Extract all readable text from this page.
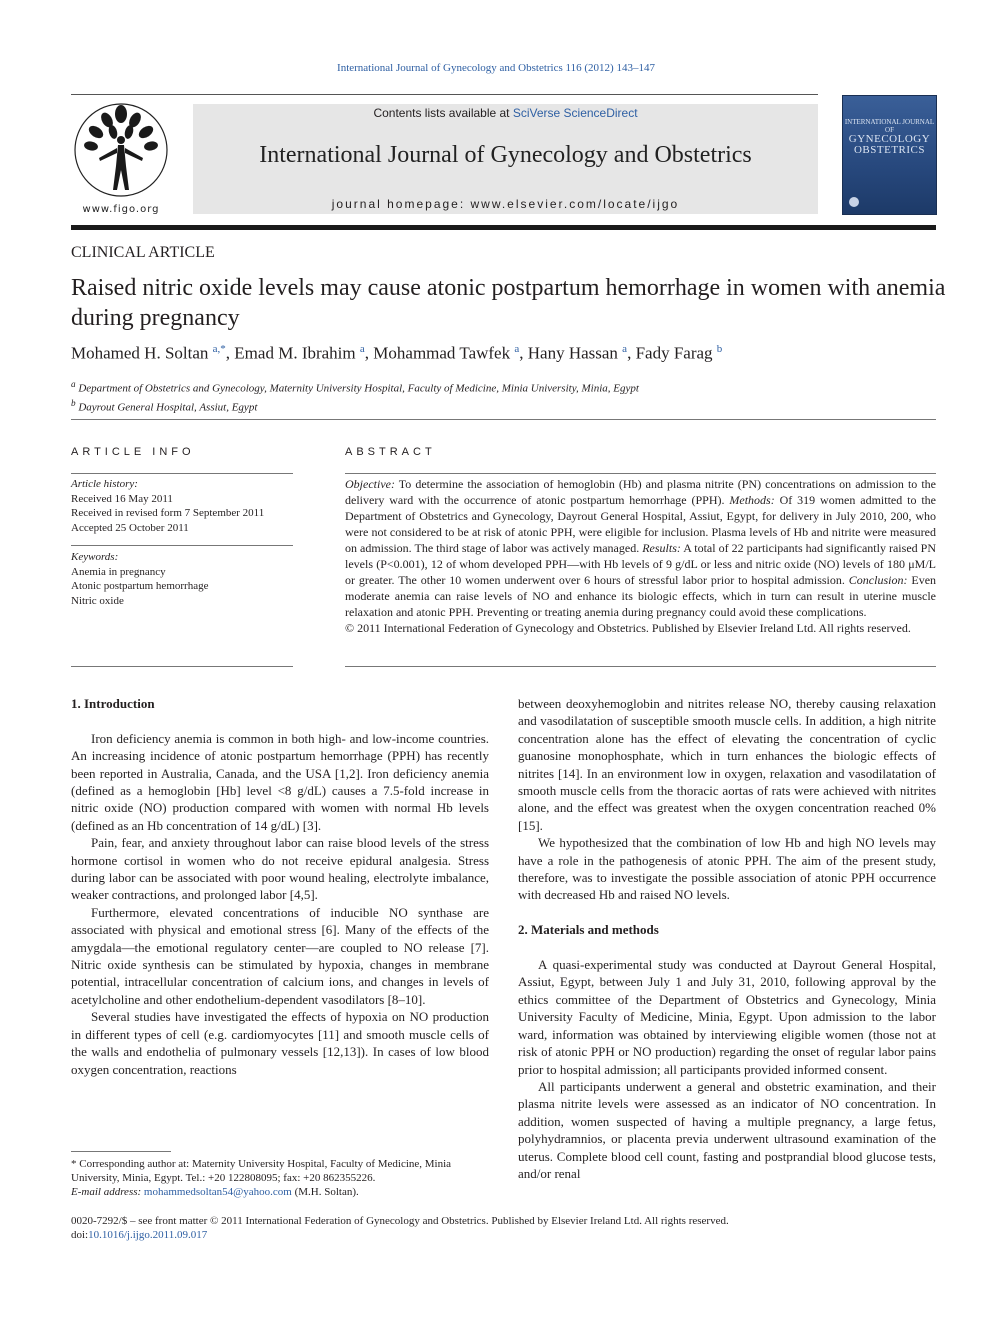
International Journal of Gynecology and Obstetrics 116 (2012) 143–147
www.figo.org
Contents lists available at SciVerse ScienceDirect
International Journal of Gynecology and Obstetrics
journal homepage: www.elsevier.com/locate/ijgo
INTERNATIONAL JOURNAL OF
GYNECOLOGY
OBSTETRICS
CLINICAL ARTICLE
Raised nitric oxide levels may cause atonic postpartum hemorrhage in women with anemia during pregnancy
Mohamed H. Soltan $^{a,*}$, Emad M. Ibrahim $^a$, Mohammad Tawfek $^a$, Hany Hassan $^a$, Fady Farag $^b$
$^a$ Department of Obstetrics and Gynecology, Maternity University Hospital, Faculty of Medicine, Minia University, Minia, Egypt
$^b$ Dayrout General Hospital, Assiut, Egypt
ARTICLE INFO	ABSTRACT
Article history:
Received 16 May 2011
Received in revised form 7 September 2011
Accepted 25 October 2011
Keywords:
Anemia in pregnancy
Atonic postpartum hemorrhage
Nitric oxide
Objective: To determine the association of hemoglobin (Hb) and plasma nitrite (PN) concentrations on admission to the delivery ward with the occurrence of atonic postpartum hemorrhage (PPH). Methods: Of 319 women admitted to the Department of Obstetrics and Gynecology, Dayrout General Hospital, Assiut, Egypt, for delivery in July 2010, 200, who were not considered to be at risk of atonic PPH, were eligible for inclusion. Plasma levels of Hb and nitrite were measured on admission. The third stage of labor was actively managed. Results: A total of 22 participants had significantly raised PN levels (P<0.001), 12 of whom developed PPH—with Hb levels of 9 g/dL or less and nitric oxide (NO) levels of 180 μM/L or greater. The other 10 women underwent over 6 hours of stressful labor prior to hospital admission. Conclusion: Even moderate anemia can raise levels of NO and enhance its biologic effects, which in turn can result in uterine muscle relaxation and atonic PPH. Preventing or treating anemia during pregnancy could avoid these complications.
© 2011 International Federation of Gynecology and Obstetrics. Published by Elsevier Ireland Ltd. All rights reserved.
1. Introduction

Iron deficiency anemia is common in both high- and low-income countries. An increasing incidence of atonic postpartum hemorrhage (PPH) has recently been reported in Australia, Canada, and the USA [1,2]. Iron deficiency anemia (defined as a hemoglobin [Hb] level <8 g/dL) causes a 7.5-fold increase in nitric oxide (NO) production compared with women with normal Hb levels (defined as an Hb concentration of 14 g/dL) [3].

Pain, fear, and anxiety throughout labor can raise blood levels of the stress hormone cortisol in women who do not receive epidural analgesia. Stress during labor can be associated with poor wound healing, electrolyte imbalance, weaker contractions, and prolonged labor [4,5].

Furthermore, elevated concentrations of inducible NO synthase are associated with physical and emotional stress [6]. Many of the effects of the amygdala—the emotional regulatory center—are coupled to NO release [7]. Nitric oxide synthesis can be stimulated by hypoxia, changes in membrane potential, intracellular concentration of calcium ions, and changes in levels of acetylcholine and other endothelium-dependent vasodilators [8–10].

Several studies have investigated the effects of hypoxia on NO production in different types of cell (e.g. cardiomyocytes [11] and smooth muscle cells of the walls and endothelia of pulmonary vessels [12,13]). In cases of low blood oxygen concentration, reactions

between deoxyhemoglobin and nitrites release NO, thereby causing relaxation and vasodilatation of susceptible smooth muscle cells. In addition, a high nitrite concentration alone has the effect of elevating the concentration of cyclic guanosine monophosphate, which in turn enhances the biologic effects of nitrites [14]. In an environment low in oxygen, relaxation and vasodilatation of smooth muscle cells from the thoracic aortas of rats were achieved with nitrites alone, and the effect was greatest when the oxygen concentration reached 0% [15].

We hypothesized that the combination of low Hb and high NO levels may have a role in the pathogenesis of atonic PPH. The aim of the present study, therefore, was to investigate the possible association of atonic PPH occurrence with decreased Hb and raised NO levels.

2. Materials and methods

A quasi-experimental study was conducted at Dayrout General Hospital, Assiut, Egypt, between July 1 and July 31, 2010, following approval by the ethics committee of the Department of Obstetrics and Gynecology, Minia University Faculty of Medicine, Minia, Egypt. Upon admission to the labor ward, information was obtained by interviewing eligible women (those not at risk of atonic PPH or NO production) regarding the onset of regular labor pains prior to hospital admission; all participants provided informed consent.

All participants underwent a general and obstetric examination, and their plasma nitrite levels were assessed as an indicator of NO concentration. In addition, women suspected of having a multiple pregnancy, a large fetus, polyhydramnios, or placenta previa underwent ultrasound examination of the uterus. Complete blood cell count, fasting and postprandial blood glucose tests, and/or renal

* Corresponding author at: Maternity University Hospital, Faculty of Medicine, Minia University, Minia, Egypt. Tel.: +20 122808095; fax: +20 862355226.
E-mail address: mohammedsoltan54@yahoo.com (M.H. Soltan).
0020-7292/$ – see front matter © 2011 International Federation of Gynecology and Obstetrics. Published by Elsevier Ireland Ltd. All rights reserved.
doi:10.1016/j.ijgo.2011.09.017
